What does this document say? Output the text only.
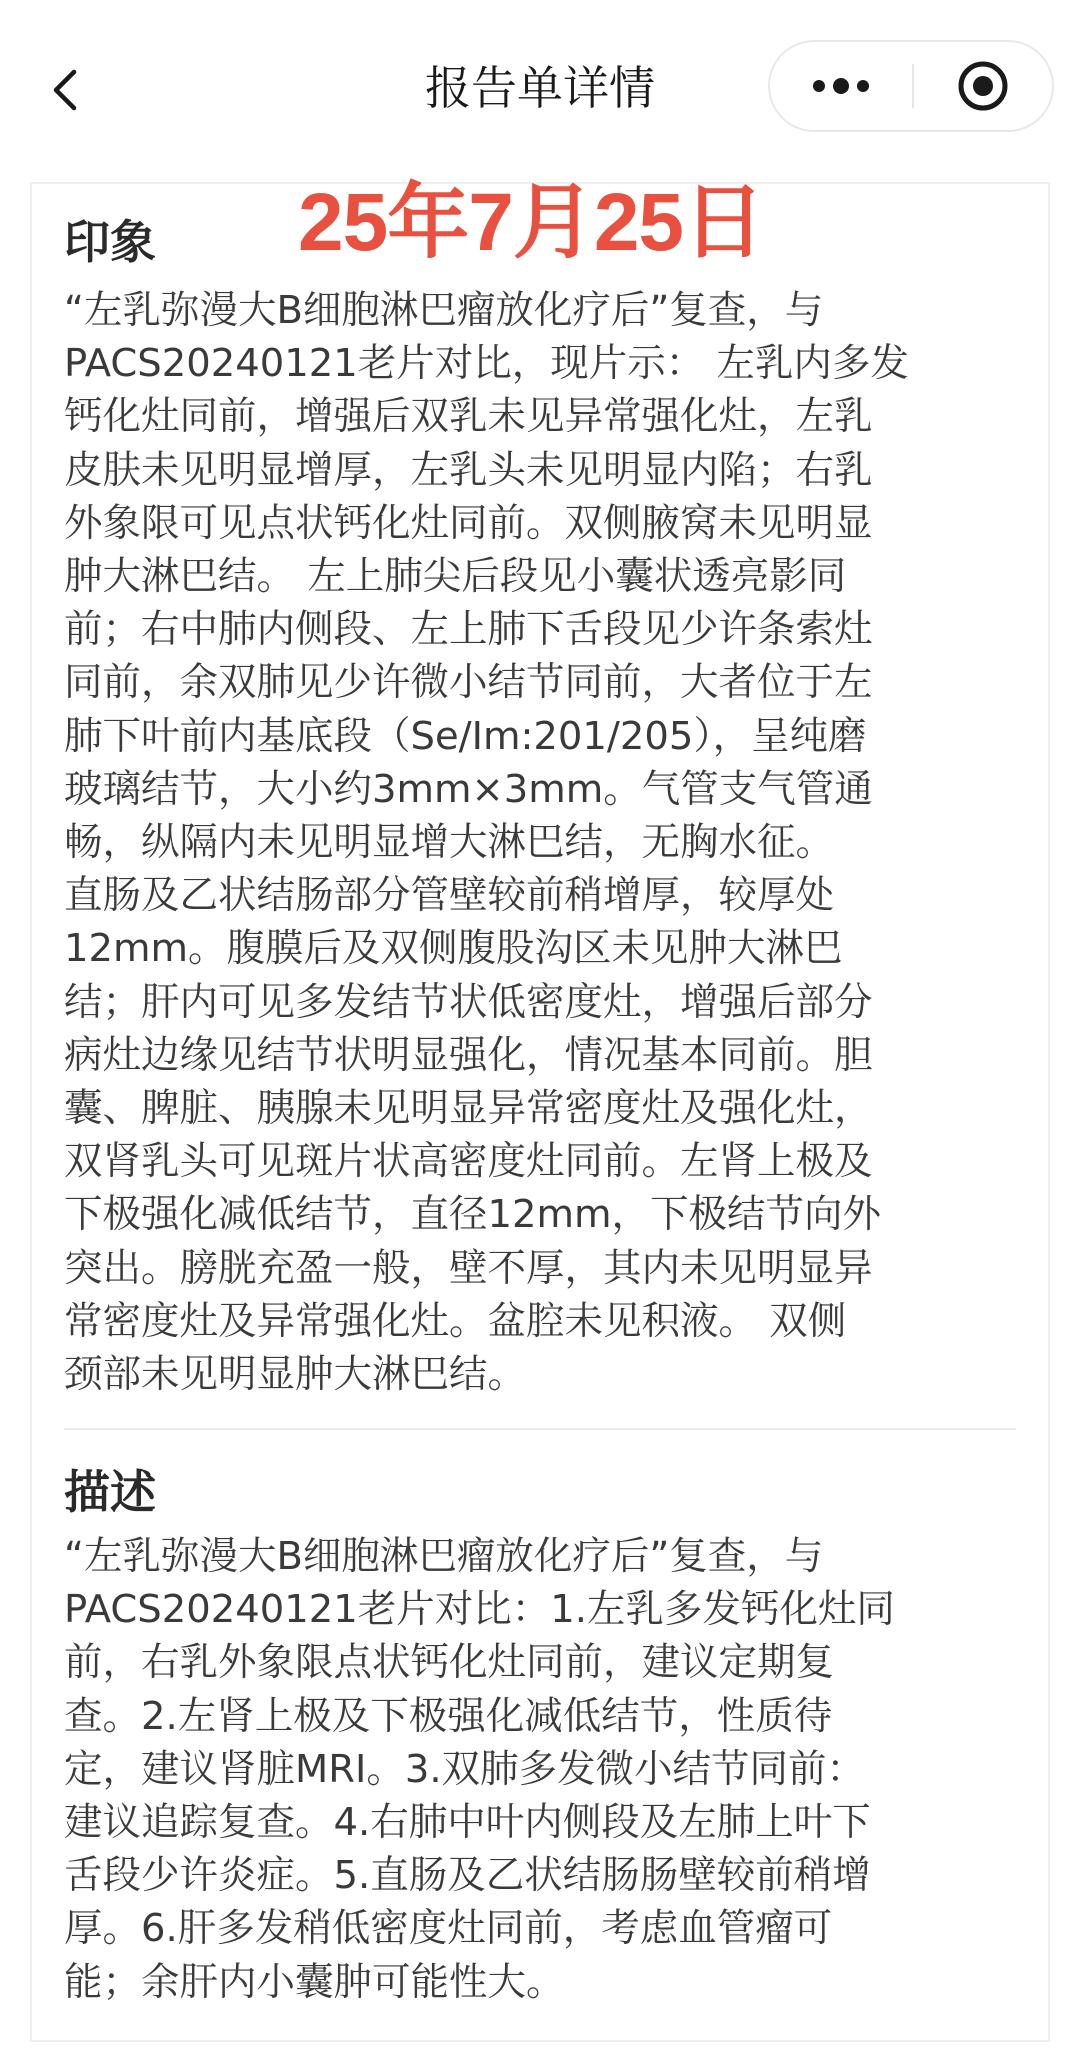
报告单详情
印象 25年7月25日
“左乳弥漫大B细胞淋巴瘤放化疗后”复查，与
PACS20240121老片对比，现片示： 左乳内多发
钙化灶同前，增强后双乳未见异常强化灶，左乳
皮肤未见明显增厚，左乳头未见明显内陷；右乳
外象限可见点状钙化灶同前。双侧腋窝未见明显
肿大淋巴结。 左上肺尖后段见小囊状透亮影同
前；右中肺内侧段、左上肺下舌段见少许条索灶
同前，余双肺见少许微小结节同前，大者位于左
肺下叶前内基底段（Se/Im:201/205），呈纯磨
玻璃结节，大小约3mm×3mm。气管支气管通
畅，纵隔内未见明显增大淋巴结，无胸水征。
直肠及乙状结肠部分管壁较前稍增厚，较厚处
12mm。腹膜后及双侧腹股沟区未见肿大淋巴
结；肝内可见多发结节状低密度灶，增强后部分
病灶边缘见结节状明显强化，情况基本同前。胆
囊、脾脏、胰腺未见明显异常密度灶及强化灶，
双肾乳头可见斑片状高密度灶同前。左肾上极及
下极强化减低结节，直径12mm，下极结节向外
突出。膀胱充盈一般，壁不厚，其内未见明显异
常密度灶及异常强化灶。盆腔未见积液。 双侧
颈部未见明显肿大淋巴结。
描述
“左乳弥漫大B细胞淋巴瘤放化疗后”复查，与
PACS20240121老片对比：1.左乳多发钙化灶同
前，右乳外象限点状钙化灶同前，建议定期复
查。2.左肾上极及下极强化减低结节，性质待
定，建议肾脏MRI。3.双肺多发微小结节同前：
建议追踪复查。4.右肺中叶内侧段及左肺上叶下
舌段少许炎症。5.直肠及乙状结肠肠壁较前稍增
厚。6.肝多发稍低密度灶同前，考虑血管瘤可
能；余肝内小囊肿可能性大。
